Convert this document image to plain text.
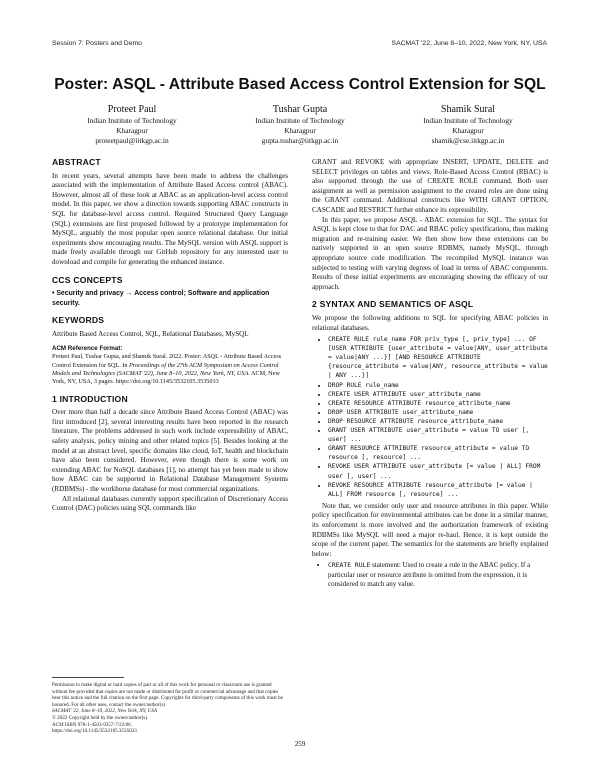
Session 7: Posters and Demo	SACMAT '22, June 8–10, 2022, New York, NY, USA
Poster: ASQL - Attribute Based Access Control Extension for SQL
Proteet Paul
Indian Institute of Technology
Kharagpur
proteetpaul@iitkgp.ac.in
Tushar Gupta
Indian Institute of Technology
Kharagpur
gupta.tushar@iitkgp.ac.in
Shamik Sural
Indian Institute of Technology
Kharagpur
shamik@cse.iitkgp.ac.in
ABSTRACT

In recent years, several attempts have been made to address the challenges associated with the implementation of Attribute Based Access control (ABAC). However, almost all of these look at ABAC as an application-level access control model. In this paper, we show a direction towards supporting ABAC constructs in SQL for database-level access control. Required Structured Query Language (SQL) extensions are first proposed followed by a prototype implementation for MySQL, arguably the most popular open source relational database. Our initial experiments show encouraging results. The MySQL version with ASQL support is made freely available through our GitHub repository for any interested user to download and compile for generating the enhanced instance.

CCS CONCEPTS
• Security and privacy → Access control; Software and application security.
KEYWORDS

Attribute Based Access Control, SQL, Relational Databases, MySQL

ACM Reference Format:
Proteet Paul, Tushar Gupta, and Shamik Sural. 2022. Poster: ASQL - Attribute Based Access Control Extension for SQL. In Proceedings of the 27th ACM Symposium on Access Control Models and Technologies (SACMAT '22), June 8–10, 2022, New York, NY, USA. ACM, New York, NY, USA, 3 pages. https://doi.org/10.1145/3532105.3535033
1 INTRODUCTION

Over more than half a decade since Attribute Based Access Control (ABAC) was first introduced [2], several interesting results have been reported in the research literature. The problems addressed in such work include expressibility of ABAC, safety analysis, policy mining and other related topics [5]. Besides looking at the model at an abstract level, specific domains like cloud, IoT, health and blockchain have also been considered. However, even though there is some work on extending ABAC for NoSQL databases [1], no attempt has yet been made to show how ABAC can be supported in Relational Database Management Systems (RDBMSs) - the workhorse database for most commercial organizations.

All relational databases currently support specification of Discretionary Access Control (DAC) policies using SQL commands like

Permission to make digital or hard copies of part or all of this work for personal or classroom use is granted without fee provided that copies are not made or distributed for profit or commercial advantage and that copies bear this notice and the full citation on the first page. Copyrights for third-party components of this work must be honored. For all other uses, contact the owner/author(s).
SACMAT '22, June 8–10, 2022, New York, NY, USA
© 2022 Copyright held by the owner/author(s).
ACM ISBN 978-1-4503-9357-7/22/06.
https://doi.org/10.1145/3532105.3535033

GRANT and REVOKE with appropriate INSERT, UPDATE, DELETE and SELECT privileges on tables and views. Role-Based Access Control (RBAC) is also supported through the use of CREATE ROLE command. Both user assignment as well as permission assignment to the created roles are done using the GRANT command. Additional constructs like WITH GRANT OPTION, CASCADE and RESTRICT further enhance its expressibility.

In this paper, we propose ASQL - ABAC extension for SQL. The syntax for ASQL is kept close to that for DAC and RBAC policy specifications, thus making migration and re-training easier. We then show how these extensions can be natively supported in an open source RDBMS, namely MySQL, through appropriate source code modification. The recompiled MySQL instance was subjected to testing with varying degrees of load in terms of ABAC components. Results of these initial experiments are encouraging showing the efficacy of our approach.

2 SYNTAX AND SEMANTICS OF ASQL

We propose the following additions to SQL for specifying ABAC policies in relational databases.

• CREATE RULE rule_name FOR priv_type [, priv_type] ... OF [USER ATTRIBUTE {user_attribute = value|ANY, user_attribute = value|ANY ...}] [AND RESOURCE ATTRIBUTE {resource_attribute = value|ANY, resource_attribute = value | ANY ...}]
• DROP RULE rule_name
• CREATE USER ATTRIBUTE user_attribute_name
• CREATE RESOURCE ATTRIBUTE resource_attribute_name
• DROP USER ATTRIBUTE user_attribute_name
• DROP RESOURCE ATTRIBUTE resource_attribute_name
• GRANT USER ATTRIBUTE user_attribute = value TO user [, user] ...
• GRANT RESOURCE ATTRIBUTE resource_attribute = value TO resource [, resource] ...
• REVOKE USER ATTRIBUTE user_attribute [= value | ALL] FROM user [, user] ...
• REVOKE RESOURCE ATTRIBUTE resource_attribute [= value | ALL] FROM resource [, resource] ...

Note that, we consider only user and resource attributes in this paper. While policy specification for environmental attributes can be done in a similar manner, its enforcement is more involved and the authorization framework of existing RDBMSs like MySQL will need a major re-haul. Hence, it is kept outside the scope of the current paper. The semantics for the statements are briefly explained below:

• CREATE RULE statement: Used to create a rule in the ABAC policy. If a particular user or resource attribute is omitted from the expression, it is considered to match any value.
259
